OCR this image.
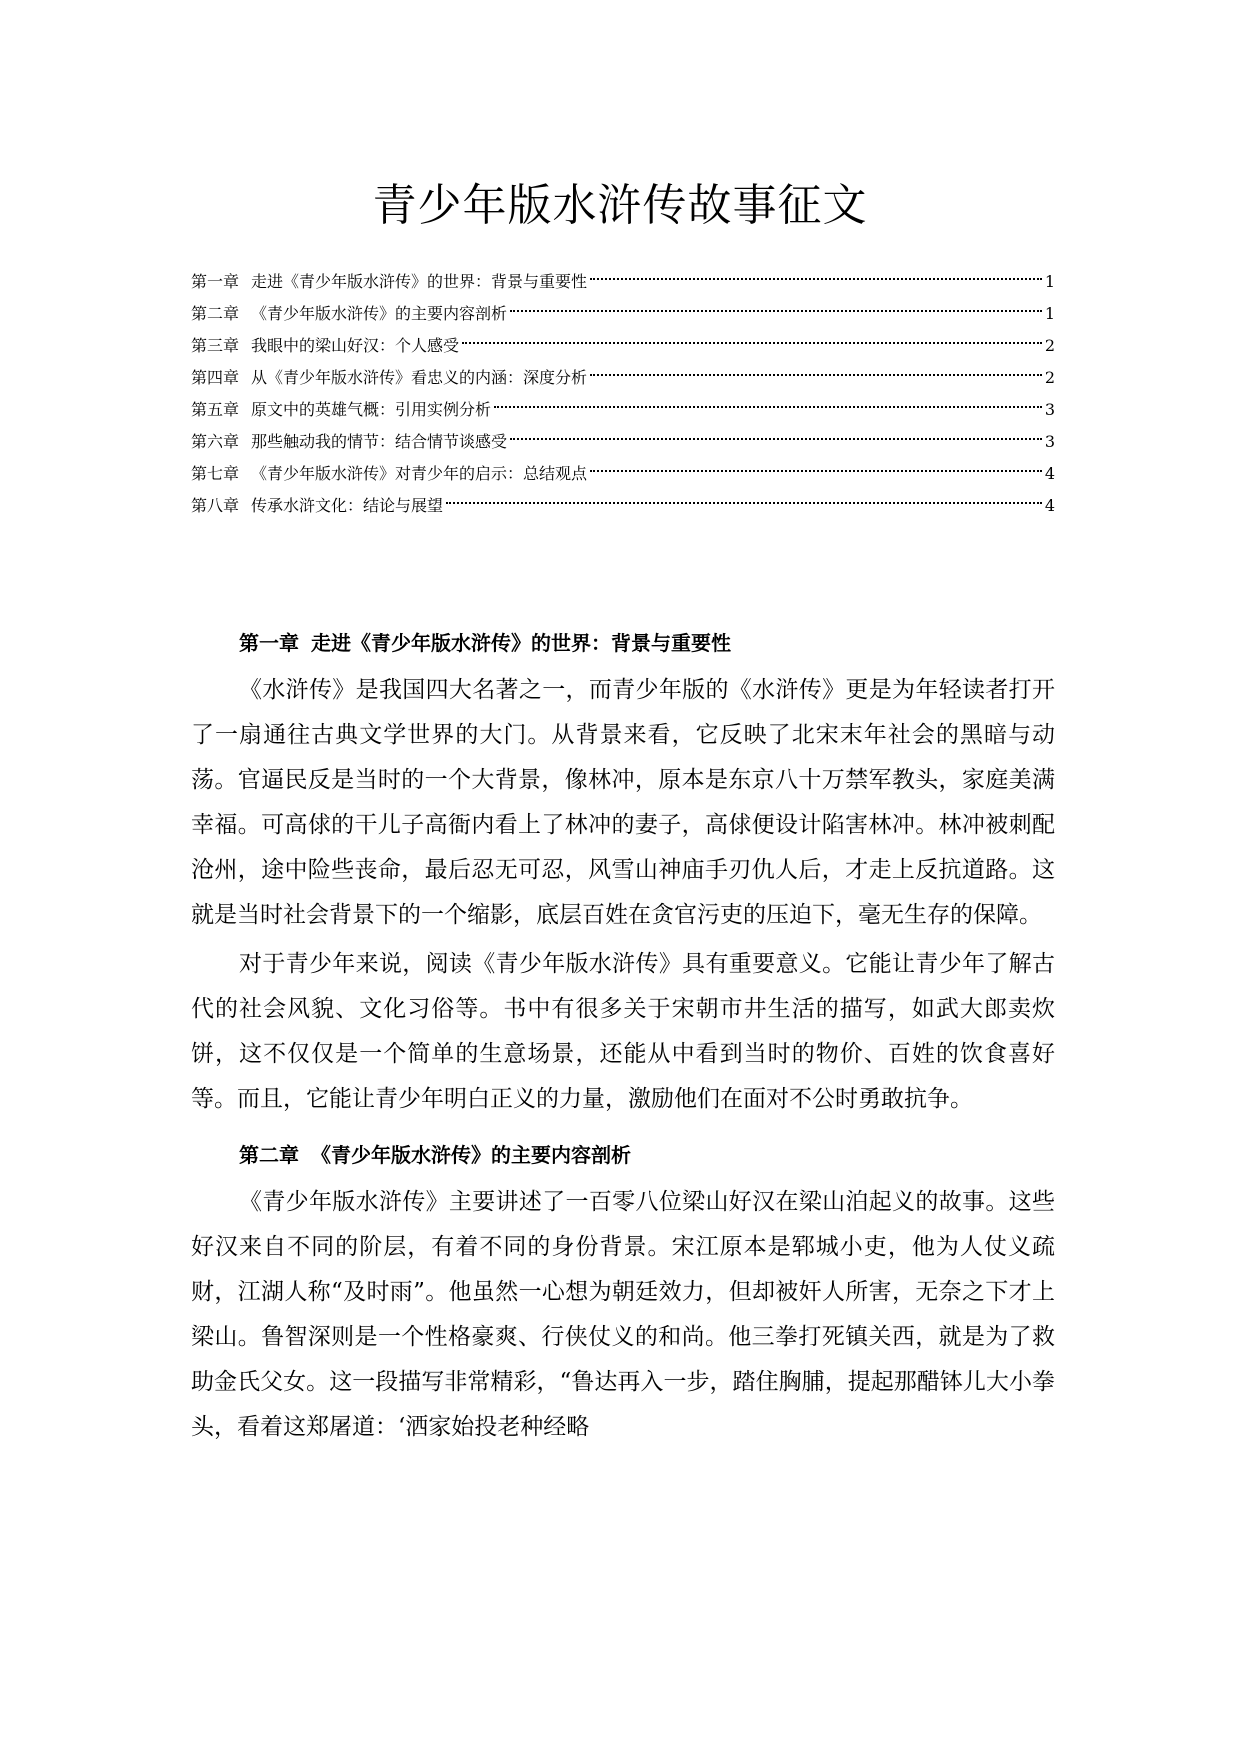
青少年版水浒传故事征文
第一章 走进《青少年版水浒传》的世界：背景与重要性	1
第二章 《青少年版水浒传》的主要内容剖析	1
第三章 我眼中的梁山好汉：个人感受	2
第四章 从《青少年版水浒传》看忠义的内涵：深度分析	2
第五章 原文中的英雄气概：引用实例分析	3
第六章 那些触动我的情节：结合情节谈感受	3
第七章 《青少年版水浒传》对青少年的启示：总结观点	4
第八章 传承水浒文化：结论与展望	4
第一章 走进《青少年版水浒传》的世界：背景与重要性

《水浒传》是我国四大名著之一，而青少年版的《水浒传》更是为年轻读者打开了一扇通往古典文学世界的大门。从背景来看，它反映了北宋末年社会的黑暗与动荡。官逼民反是当时的一个大背景，像林冲，原本是东京八十万禁军教头，家庭美满幸福。可高俅的干儿子高衙内看上了林冲的妻子，高俅便设计陷害林冲。林冲被刺配沧州，途中险些丧命，最后忍无可忍，风雪山神庙手刃仇人后，才走上反抗道路。这就是当时社会背景下的一个缩影，底层百姓在贪官污吏的压迫下，毫无生存的保障。

对于青少年来说，阅读《青少年版水浒传》具有重要意义。它能让青少年了解古代的社会风貌、文化习俗等。书中有很多关于宋朝市井生活的描写，如武大郎卖炊饼，这不仅仅是一个简单的生意场景，还能从中看到当时的物价、百姓的饮食喜好等。而且，它能让青少年明白正义的力量，激励他们在面对不公时勇敢抗争。

第二章 《青少年版水浒传》的主要内容剖析

《青少年版水浒传》主要讲述了一百零八位梁山好汉在梁山泊起义的故事。这些好汉来自不同的阶层，有着不同的身份背景。宋江原本是郓城小吏，他为人仗义疏财，江湖人称“及时雨”。他虽然一心想为朝廷效力，但却被奸人所害，无奈之下才上梁山。鲁智深则是一个性格豪爽、行侠仗义的和尚。他三拳打死镇关西，就是为了救助金氏父女。这一段描写非常精彩，“鲁达再入一步，踏住胸脯，提起那醋钵儿大小拳头，看着这郑屠道：‘洒家始投老种经略
